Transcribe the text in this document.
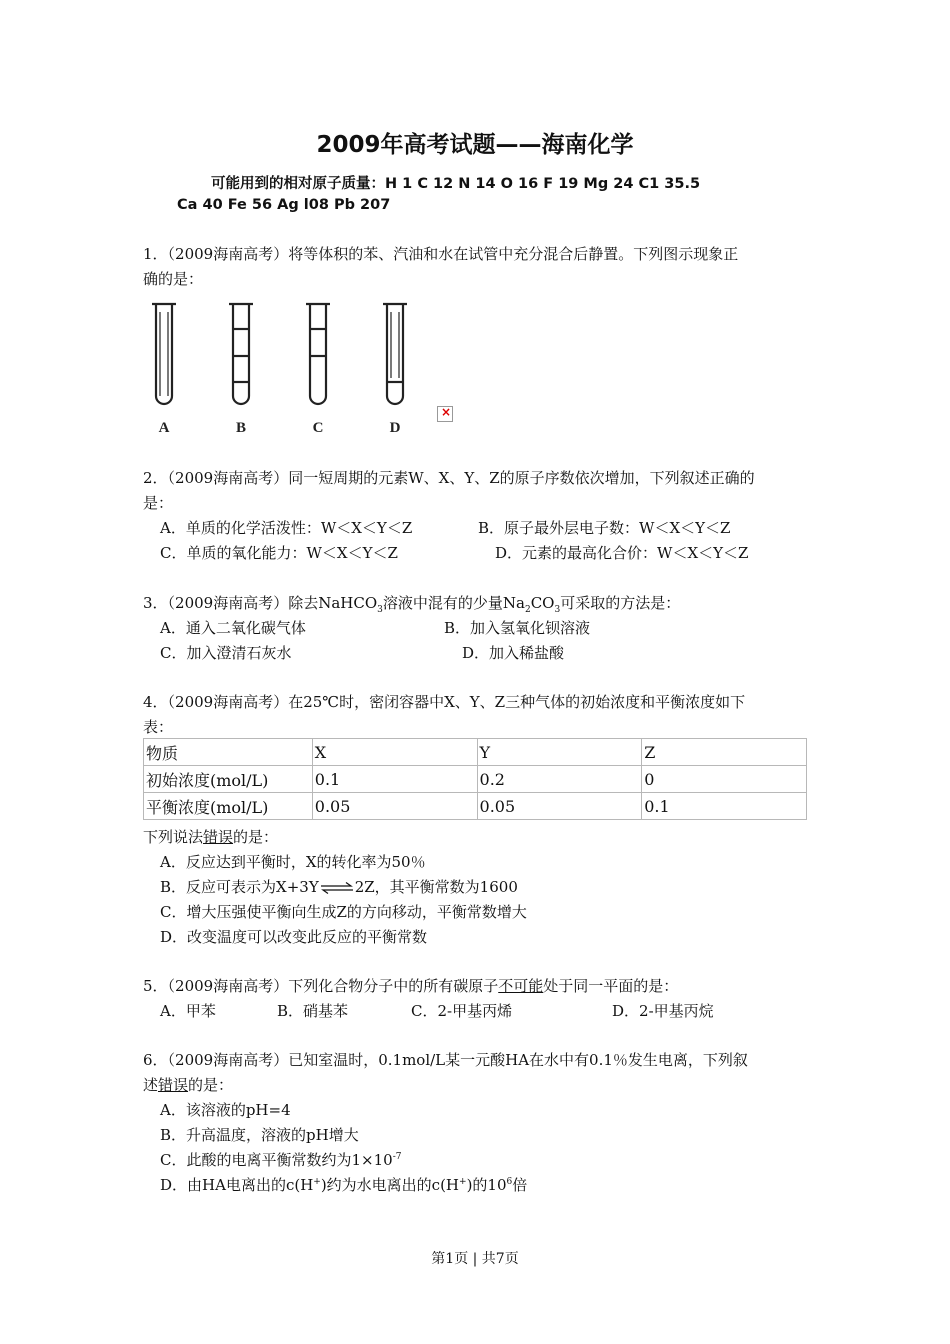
2009年高考试题——海南化学
可能用到的相对原子质量：H 1 C 12 N 14 O 16 F 19 Mg 24 C1 35.5
Ca 40 Fe 56 Ag l08 Pb 207
1．（2009海南高考）将等体积的苯、汽油和水在试管中充分混合后静置。下列图示现象正
确的是：
A	B	C	D
×
2．（2009海南高考）同一短周期的元素W、X、Y、Z的原子序数依次增加，下列叙述正确的
是：
A．单质的化学活泼性：W＜X＜Y＜Z	B．原子最外层电子数：W＜X＜Y＜Z
C．单质的氧化能力：W＜X＜Y＜Z	D．元素的最高化合价：W＜X＜Y＜Z
3．（2009海南高考）除去NaHCO$_3$溶液中混有的少量$Na_2CO_3$可采取的方法是：
A．通入二氧化碳气体	B．加入氢氧化钡溶液
C．加入澄清石灰水	D．加入稀盐酸
4．（2009海南高考）在25℃时，密闭容器中X、Y、Z三种气体的初始浓度和平衡浓度如下
表：
物质	X	Y	Z
初始浓度(mol/L)	0.1	0.2	0
平衡浓度(mol/L)	0.05	0.05	0.1
下列说法错误的是：
A．反应达到平衡时，X的转化率为50％
B．反应可表示为X+3Y⇌2Z，其平衡常数为1600
C．增大压强使平衡向生成Z的方向移动，平衡常数增大
D．改变温度可以改变此反应的平衡常数
5．（2009海南高考）下列化合物分子中的所有碳原子不可能处于同一平面的是：
A．甲苯	B．硝基苯	C．2-甲基丙烯	D．2-甲基丙烷
6．（2009海南高考）已知室温时，0.1mol/L某一元酸HA在水中有0.1％发生电离，下列叙
述错误的是：
A．该溶液的pH=4
B．升高温度，溶液的pH增大
C．此酸的电离平衡常数约为$1\times 10^{-7}$
D．由HA电离出的c(H+)约为水电离出的c(H+)的$10^6$倍
第1页 | 共7页
